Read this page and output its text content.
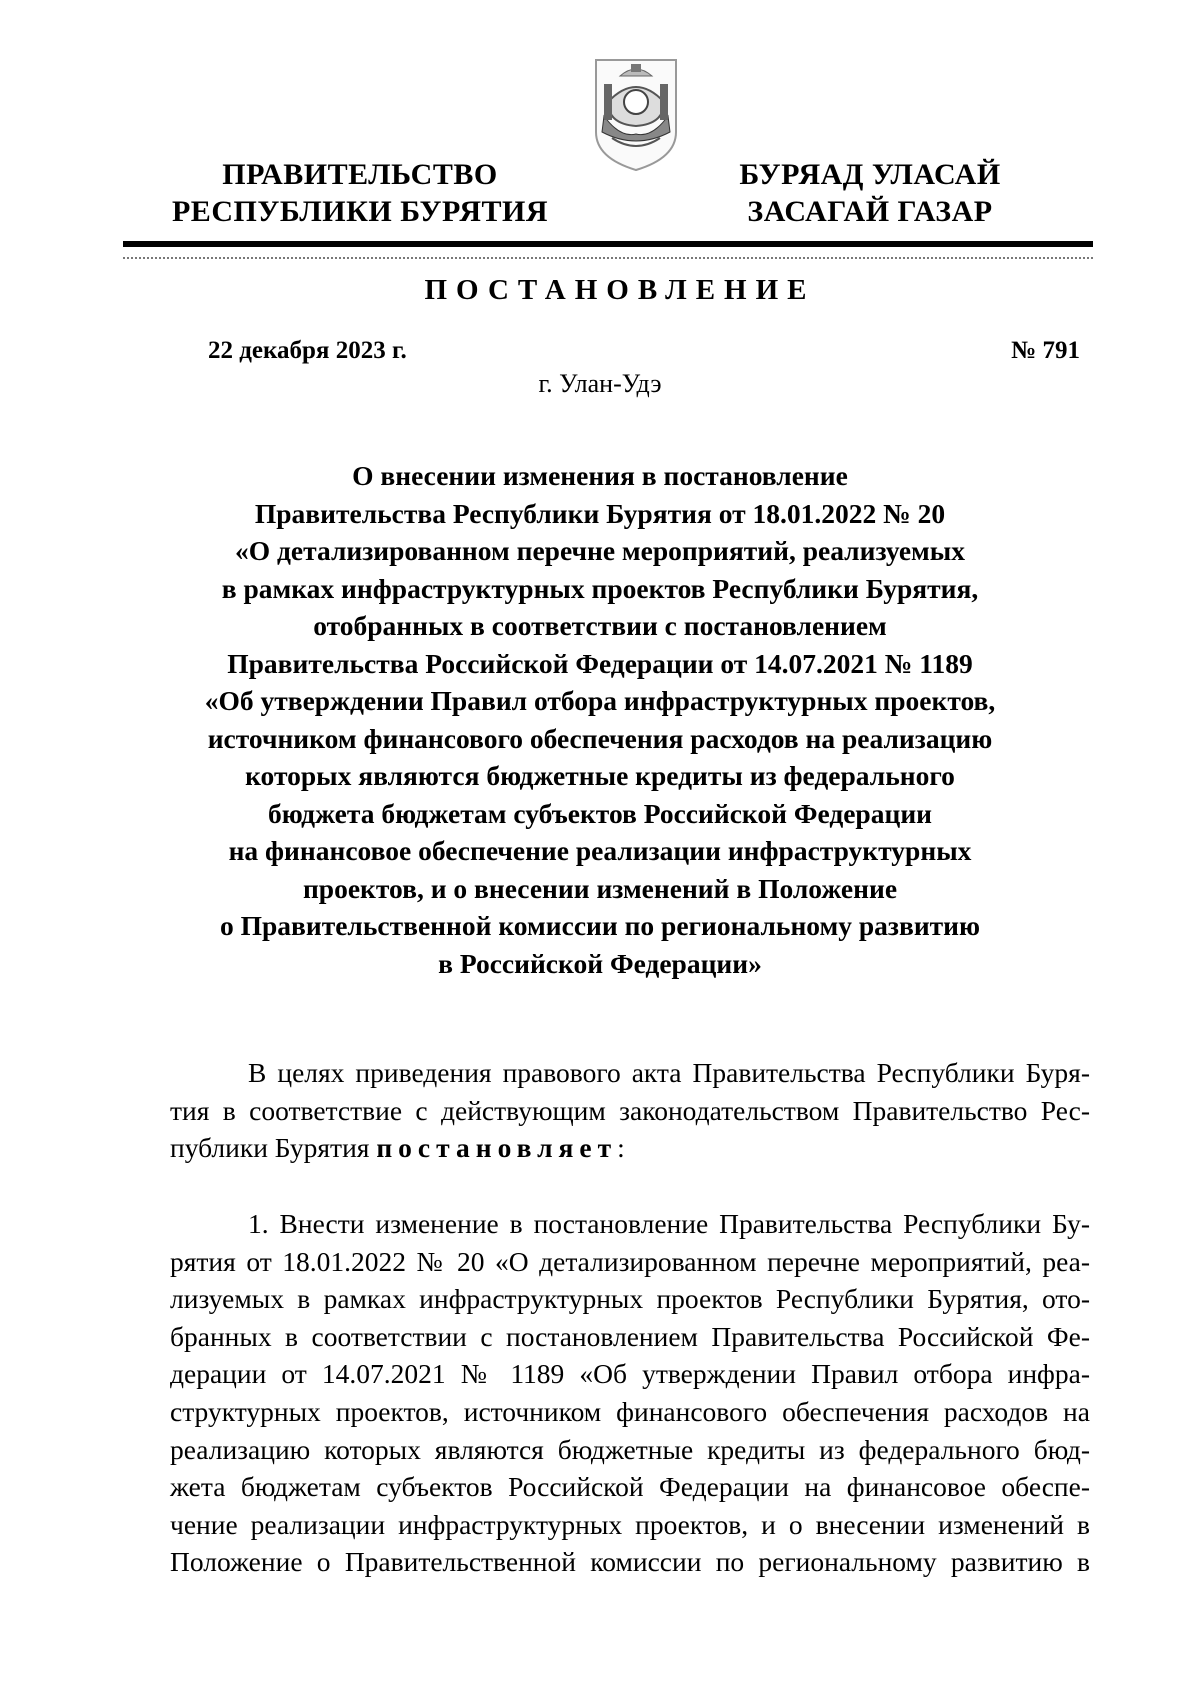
ПРАВИТЕЛЬСТВО
РЕСПУБЛИКИ БУРЯТИЯ
БУРЯАД УЛАСАЙ
ЗАСАГАЙ ГАЗАР
ПОСТАНОВЛЕНИЕ
22 декабря 2023 г.	№ 791
г. Улан-Удэ
О внесении изменения в постановление
Правительства Республики Бурятия от 18.01.2022 № 20
«О детализированном перечне мероприятий, реализуемых
в рамках инфраструктурных проектов Республики Бурятия,
отобранных в соответствии с постановлением
Правительства Российской Федерации от 14.07.2021 № 1189
«Об утверждении Правил отбора инфраструктурных проектов,
источником финансового обеспечения расходов на реализацию
которых являются бюджетные кредиты из федерального
бюджета бюджетам субъектов Российской Федерации
на финансовое обеспечение реализации инфраструктурных
проектов, и о внесении изменений в Положение
о Правительственной комиссии по региональному развитию
в Российской Федерации»
В целях приведения правового акта Правительства Республики Буря-
тия в соответствие с действующим законодательством Правительство Рес-
публики Бурятия постановляет:
1. Внести изменение в постановление Правительства Республики Бу-
рятия от 18.01.2022 № 20 «О детализированном перечне мероприятий, реа-
лизуемых в рамках инфраструктурных проектов Республики Бурятия, ото-
бранных в соответствии с постановлением Правительства Российской Фе-
дерации от 14.07.2021 № 1189 «Об утверждении Правил отбора инфра-
структурных проектов, источником финансового обеспечения расходов на
реализацию которых являются бюджетные кредиты из федерального бюд-
жета бюджетам субъектов Российской Федерации на финансовое обеспе-
чение реализации инфраструктурных проектов, и о внесении изменений в
Положение о Правительственной комиссии по региональному развитию в
